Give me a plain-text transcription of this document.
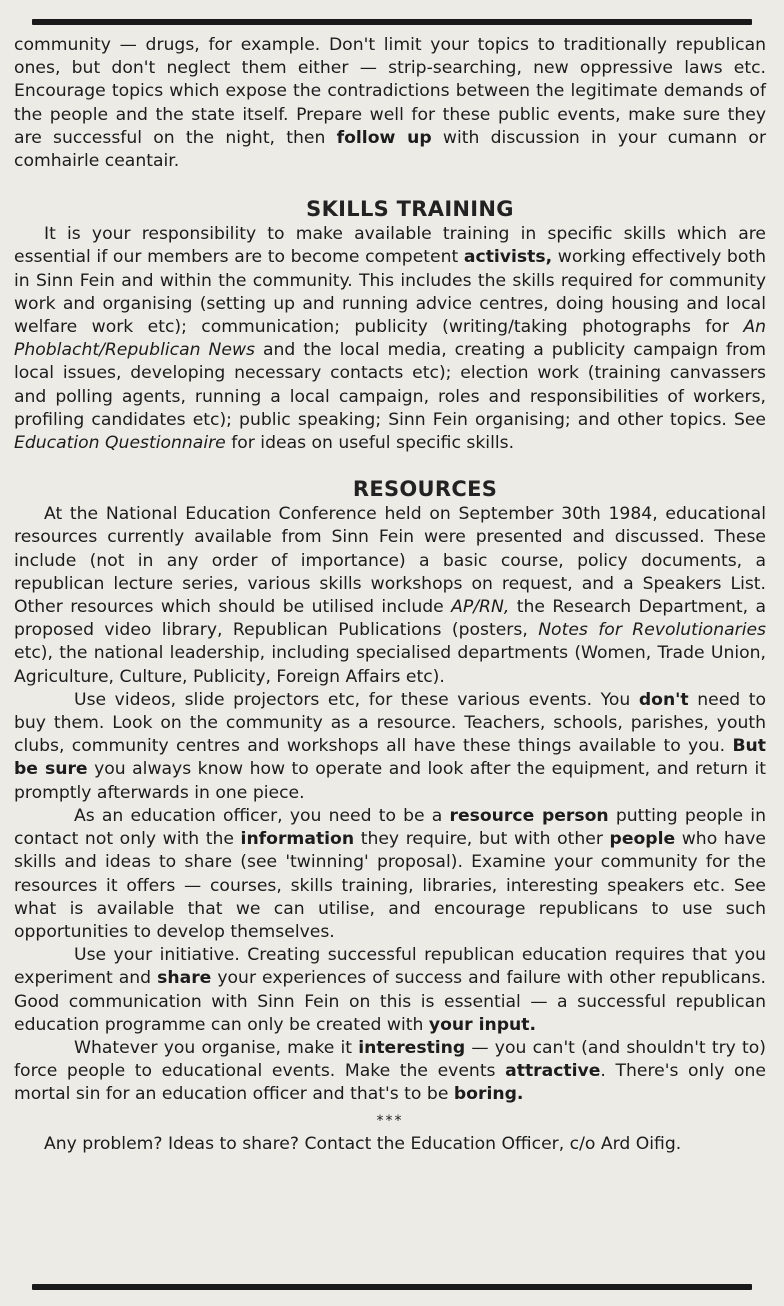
community — drugs, for example. Don't limit your topics to traditionally republican ones, but don't neglect them either — strip-searching, new oppressive laws etc. Encourage topics which expose the contradictions between the legitimate demands of the people and the state itself. Prepare well for these public events, make sure they are successful on the night, then follow up with discussion in your cumann or comhairle ceantair.

SKILLS TRAINING

It is your responsibility to make available training in specific skills which are essential if our members are to become competent activists, working effectively both in Sinn Fein and within the community. This includes the skills required for community work and organising (setting up and running advice centres, doing housing and local welfare work etc); communication; publicity (writing/taking photographs for An Phoblacht/Republican News and the local media, creating a publicity campaign from local issues, developing necessary contacts etc); election work (training canvassers and polling agents, running a local campaign, roles and responsibilities of workers, profiling candidates etc); public speaking; Sinn Fein organising; and other topics. See Education Questionnaire for ideas on useful specific skills.

RESOURCES

At the National Education Conference held on September 30th 1984, educational resources currently available from Sinn Fein were presented and discussed. These include (not in any order of importance) a basic course, policy documents, a republican lecture series, various skills workshops on request, and a Speakers List. Other resources which should be utilised include AP/RN, the Research Department, a proposed video library, Republican Publications (posters, Notes for Revolutionaries etc), the national leadership, including specialised departments (Women, Trade Union, Agriculture, Culture, Publicity, Foreign Affairs etc).

Use videos, slide projectors etc, for these various events. You don't need to buy them. Look on the community as a resource. Teachers, schools, parishes, youth clubs, community centres and workshops all have these things available to you. But be sure you always know how to operate and look after the equipment, and return it promptly afterwards in one piece.

As an education officer, you need to be a resource person putting people in contact not only with the information they require, but with other people who have skills and ideas to share (see 'twinning' proposal). Examine your community for the resources it offers — courses, skills training, libraries, interesting speakers etc. See what is available that we can utilise, and encourage republicans to use such opportunities to develop themselves.

Use your initiative. Creating successful republican education requires that you experiment and share your experiences of success and failure with other republicans. Good communication with Sinn Fein on this is essential — a successful republican education programme can only be created with your input.

Whatever you organise, make it interesting — you can't (and shouldn't try to) force people to educational events. Make the events attractive. There's only one mortal sin for an education officer and that's to be boring.

***

Any problem? Ideas to share? Contact the Education Officer, c/o Ard Oifig.
